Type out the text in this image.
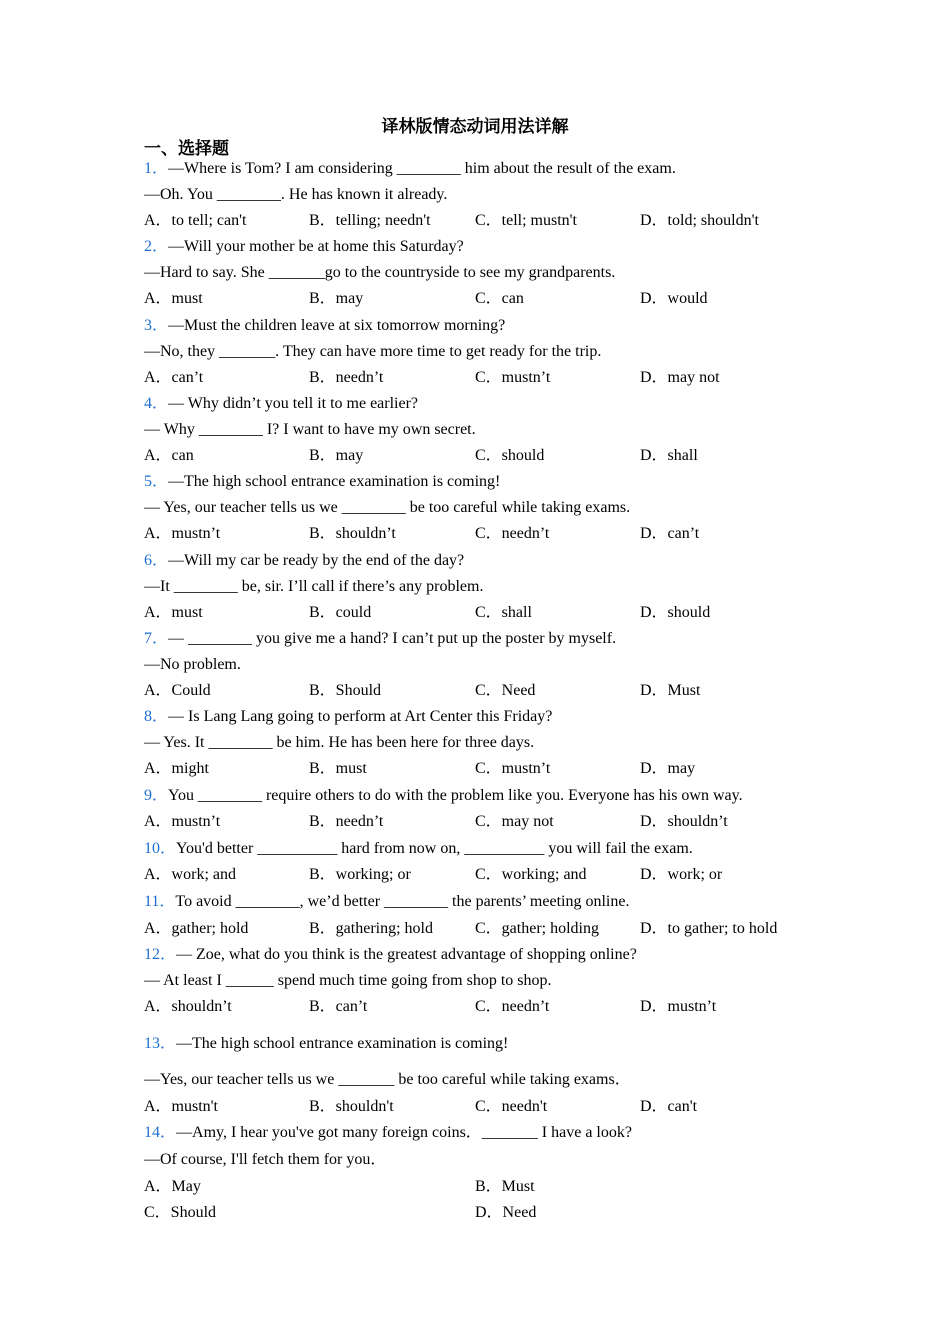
译林版情态动词用法详解
一、选择题
1．—Where is Tom? I am considering ________ him about the result of the exam.
—Oh. You ________. He has known it already.
A．to tell; can't	B．telling; needn't	C．tell; mustn't	D．told; shouldn't
2．—Will your mother be at home this Saturday?
—Hard to say. She _______go to the countryside to see my grandparents.
A．must	B．may	C．can	D．would
3．—Must the children leave at six tomorrow morning?
—No, they _______. They can have more time to get ready for the trip.
A．can’t	B．needn’t	C．mustn’t	D．may not
4．— Why didn’t you tell it to me earlier?
— Why ________ I? I want to have my own secret.
A．can	B．may	C．should	D．shall
5．—The high school entrance examination is coming!
— Yes, our teacher tells us we ________ be too careful while taking exams.
A．mustn’t	B．shouldn’t	C．needn’t	D．can’t
6．—Will my car be ready by the end of the day?
—It ________ be, sir. I’ll call if there’s any problem.
A．must	B．could	C．shall	D．should
7．— ________ you give me a hand? I can’t put up the poster by myself.
—No problem.
A．Could	B．Should	C．Need	D．Must
8．— Is Lang Lang going to perform at Art Center this Friday?
— Yes. It ________ be him. He has been here for three days.
A．might	B．must	C．mustn’t	D．may
9．You ________ require others to do with the problem like you. Everyone has his own way.
A．mustn’t	B．needn’t	C．may not	D．shouldn’t
10．You'd better __________ hard from now on, __________ you will fail the exam.
A．work; and	B．working; or	C．working; and	D．work; or
11．To avoid ________, we’d better ________ the parents’ meeting online.
A．gather; hold	B．gathering; hold	C．gather; holding	D．to gather; to hold
12．— Zoe, what do you think is the greatest advantage of shopping online?
— At least I ______ spend much time going from shop to shop.
A．shouldn’t	B．can’t	C．needn’t	D．mustn’t
13．—The high school entrance examination is coming!
—Yes, our teacher tells us we _______ be too careful while taking exams．
A．mustn't	B．shouldn't	C．needn't	D．can't
14．—Amy, I hear you've got many foreign coins．_______ I have a look?
—Of course, I'll fetch them for you．
A．May	B．Must
C．Should	D．Need
